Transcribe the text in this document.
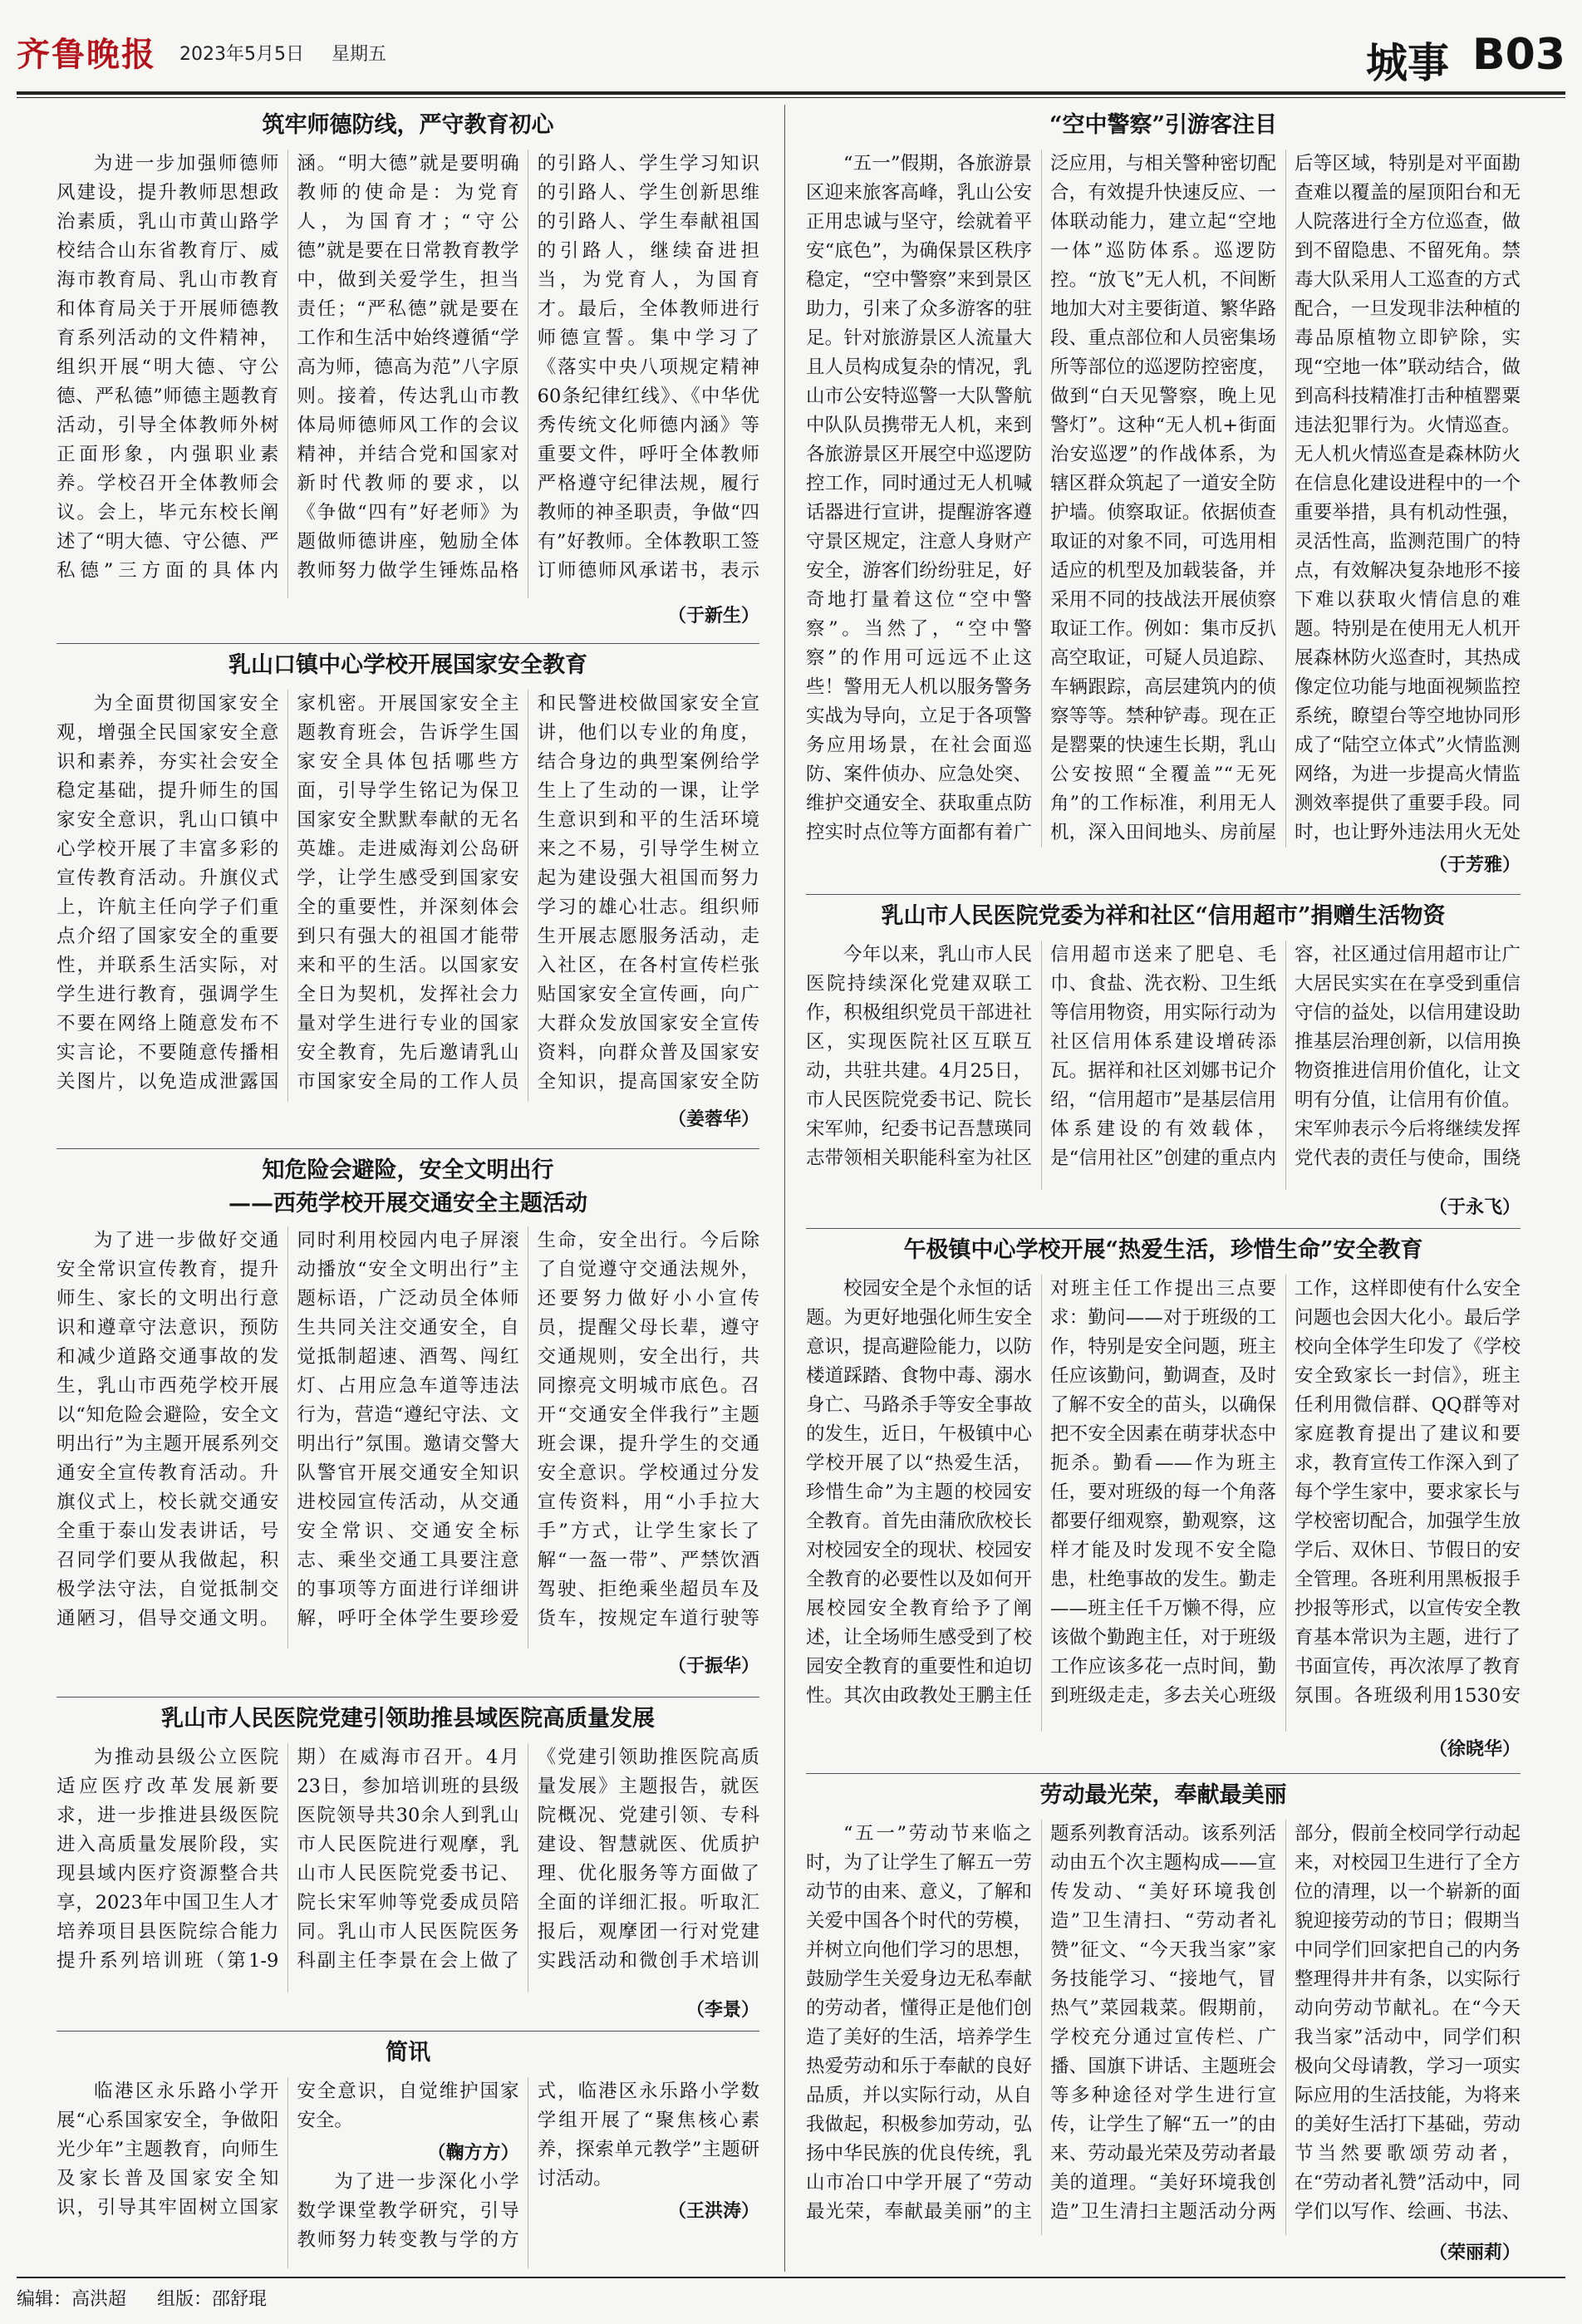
齐鲁晚报 2023年5月5日 星期五	城事 B03
筑牢师德防线，严守教育初心

为进一步加强师德师风建设，提升教师思想政治素质，乳山市黄山路学校结合山东省教育厅、威海市教育局、乳山市教育和体育局关于开展师德教育系列活动的文件精神，组织开展“明大德、守公德、严私德”师德主题教育活动，引导全体教师外树正面形象，内强职业素养。学校召开全体教师会议。会上，毕元东校长阐述了“明大德、守公德、严私德”三方面的具体内涵。“明大德”就是要明确教师的使命是：为党育人，为国育才；“守公德”就是要在日常教育教学中，做到关爱学生，担当责任；“严私德”就是要在工作和生活中始终遵循“学高为师，德高为范”八字原则。接着，传达乳山市教体局师德师风工作的会议精神，并结合党和国家对新时代教师的要求，以《争做“四有”好老师》为题做师德讲座，勉励全体教师努力做学生锤炼品格的引路人、学生学习知识的引路人、学生创新思维的引路人、学生奉献祖国的引路人，继续奋进担当，为党育人，为国育才。最后，全体教师进行师德宣誓。集中学习了《落实中央八项规定精神60条纪律红线》、《中华优秀传统文化师德内涵》等重要文件，呼吁全体教师严格遵守纪律法规，履行教师的神圣职责，争做“四有”好教师。全体教职工签订师德师风承诺书，表示

（于新生）
乳山口镇中心学校开展国家安全教育

为全面贯彻国家安全观，增强全民国家安全意识和素养，夯实社会安全稳定基础，提升师生的国家安全意识，乳山口镇中心学校开展了丰富多彩的宣传教育活动。升旗仪式上，许航主任向学子们重点介绍了国家安全的重要性，并联系生活实际，对学生进行教育，强调学生不要在网络上随意发布不实言论，不要随意传播相关图片，以免造成泄露国家机密。开展国家安全主题教育班会，告诉学生国家安全具体包括哪些方面，引导学生铭记为保卫国家安全默默奉献的无名英雄。走进威海刘公岛研学，让学生感受到国家安全的重要性，并深刻体会到只有强大的祖国才能带来和平的生活。以国家安全日为契机，发挥社会力量对学生进行专业的国家安全教育，先后邀请乳山市国家安全局的工作人员和民警进校做国家安全宣讲，他们以专业的角度，结合身边的典型案例给学生上了生动的一课，让学生意识到和平的生活环境来之不易，引导学生树立起为建设强大祖国而努力学习的雄心壮志。组织师生开展志愿服务活动，走入社区，在各村宣传栏张贴国家安全宣传画，向广大群众发放国家安全宣传资料，向群众普及国家安全知识，提高国家安全防

（姜蓉华）
知危险会避险，安全文明出行
——西苑学校开展交通安全主题活动

为了进一步做好交通安全常识宣传教育，提升师生、家长的文明出行意识和遵章守法意识，预防和减少道路交通事故的发生，乳山市西苑学校开展以“知危险会避险，安全文明出行”为主题开展系列交通安全宣传教育活动。升旗仪式上，校长就交通安全重于泰山发表讲话，号召同学们要从我做起，积极学法守法，自觉抵制交通陋习，倡导交通文明。同时利用校园内电子屏滚动播放“安全文明出行”主题标语，广泛动员全体师生共同关注交通安全，自觉抵制超速、酒驾、闯红灯、占用应急车道等违法行为，营造“遵纪守法、文明出行”氛围。邀请交警大队警官开展交通安全知识进校园宣传活动，从交通安全常识、交通安全标志、乘坐交通工具要注意的事项等方面进行详细讲解，呼吁全体学生要珍爱生命，安全出行。今后除了自觉遵守交通法规外，还要努力做好小小宣传员，提醒父母长辈，遵守交通规则，安全出行，共同擦亮文明城市底色。召开“交通安全伴我行”主题班会课，提升学生的交通安全意识。学校通过分发宣传资料，用“小手拉大手”方式，让学生家长了解“一盔一带”、严禁饮酒驾驶、拒绝乘坐超员车及货车，按规定车道行驶等

（于振华）
乳山市人民医院党建引领助推县域医院高质量发展

为推动县级公立医院适应医疗改革发展新要求，进一步推进县级医院进入高质量发展阶段，实现县域内医疗资源整合共享，2023年中国卫生人才培养项目县医院综合能力提升系列培训班（第1-9期）在威海市召开。4月23日，参加培训班的县级医院领导共30余人到乳山市人民医院进行观摩，乳山市人民医院党委书记、院长宋军帅等党委成员陪同。乳山市人民医院医务科副主任李景在会上做了《党建引领助推医院高质量发展》主题报告，就医院概况、党建引领、专科建设、智慧就医、优质护理、优化服务等方面做了全面的详细汇报。听取汇报后，观摩团一行对党建实践活动和微创手术培训

（李景）
简讯

临港区永乐路小学开展“心系国家安全，争做阳光少年”主题教育，向师生及家长普及国家安全知识，引导其牢固树立国家安全意识，自觉维护国家安全。

（鞠方方）

为了进一步深化小学数学课堂教学研究，引导教师努力转变教与学的方式，临港区永乐路小学数学组开展了“聚焦核心素养，探索单元教学”主题研讨活动。

（王洪涛）
“空中警察”引游客注目

“五一”假期，各旅游景区迎来旅客高峰，乳山公安正用忠诚与坚守，绘就着平安“底色”，为确保景区秩序稳定，“空中警察”来到景区助力，引来了众多游客的驻足。针对旅游景区人流量大且人员构成复杂的情况，乳山市公安特巡警一大队警航中队队员携带无人机，来到各旅游景区开展空中巡逻防控工作，同时通过无人机喊话器进行宣讲，提醒游客遵守景区规定，注意人身财产安全，游客们纷纷驻足，好奇地打量着这位“空中警察”。当然了，“空中警察”的作用可远远不止这些！警用无人机以服务警务实战为导向，立足于各项警务应用场景，在社会面巡防、案件侦办、应急处突、维护交通安全、获取重点防控实时点位等方面都有着广泛应用，与相关警种密切配合，有效提升快速反应、一体联动能力，建立起“空地一体”巡防体系。巡逻防控。“放飞”无人机，不间断地加大对主要街道、繁华路段、重点部位和人员密集场所等部位的巡逻防控密度，做到“白天见警察，晚上见警灯”。这种“无人机+街面治安巡逻”的作战体系，为辖区群众筑起了一道安全防护墙。侦察取证。依据侦查取证的对象不同，可选用相适应的机型及加载装备，并采用不同的技战法开展侦察取证工作。例如：集市反扒高空取证，可疑人员追踪、车辆跟踪，高层建筑内的侦察等等。禁种铲毒。现在正是罂粟的快速生长期，乳山公安按照“全覆盖”“无死角”的工作标准，利用无人机，深入田间地头、房前屋后等区域，特别是对平面勘查难以覆盖的屋顶阳台和无人院落进行全方位巡查，做到不留隐患、不留死角。禁毒大队采用人工巡查的方式配合，一旦发现非法种植的毒品原植物立即铲除，实现“空地一体”联动结合，做到高科技精准打击种植罂粟违法犯罪行为。火情巡查。无人机火情巡查是森林防火在信息化建设进程中的一个重要举措，具有机动性强，灵活性高，监测范围广的特点，有效解决复杂地形不接下难以获取火情信息的难题。特别是在使用无人机开展森林防火巡查时，其热成像定位功能与地面视频监控系统，瞭望台等空地协同形成了“陆空立体式”火情监测网络，为进一步提高火情监测效率提供了重要手段。同时，也让野外违法用火无处

（于芳雅）
乳山市人民医院党委为祥和社区“信用超市”捐赠生活物资

今年以来，乳山市人民医院持续深化党建双联工作，积极组织党员干部进社区，实现医院社区互联互动，共驻共建。4月25日，市人民医院党委书记、院长宋军帅，纪委书记吾慧瑛同志带领相关职能科室为社区信用超市送来了肥皂、毛巾、食盐、洗衣粉、卫生纸等信用物资，用实际行动为社区信用体系建设增砖添瓦。据祥和社区刘娜书记介绍，“信用超市”是基层信用体系建设的有效载体，是“信用社区”创建的重点内容，社区通过信用超市让广大居民实实在在享受到重信守信的益处，以信用建设助推基层治理创新，以信用换物资推进信用价值化，让文明有分值，让信用有价值。宋军帅表示今后将继续发挥党代表的责任与使命，围绕

（于永飞）
午极镇中心学校开展“热爱生活，珍惜生命”安全教育

校园安全是个永恒的话题。为更好地强化师生安全意识，提高避险能力，以防楼道踩踏、食物中毒、溺水身亡、马路杀手等安全事故的发生，近日，午极镇中心学校开展了以“热爱生活，珍惜生命”为主题的校园安全教育。首先由蒲欣欣校长对校园安全的现状、校园安全教育的必要性以及如何开展校园安全教育给予了阐述，让全场师生感受到了校园安全教育的重要性和迫切性。其次由政教处王鹏主任对班主任工作提出三点要求：勤问——对于班级的工作，特别是安全问题，班主任应该勤问，勤调查，及时了解不安全的苗头，以确保把不安全因素在萌芽状态中扼杀。勤看——作为班主任，要对班级的每一个角落都要仔细观察，勤观察，这样才能及时发现不安全隐患，杜绝事故的发生。勤走——班主任千万懒不得，应该做个勤跑主任，对于班级工作应该多花一点时间，勤到班级走走，多去关心班级工作，这样即使有什么安全问题也会因大化小。最后学校向全体学生印发了《学校安全致家长一封信》，班主任利用微信群、QQ群等对家庭教育提出了建议和要求，教育宣传工作深入到了每个学生家中，要求家长与学校密切配合，加强学生放学后、双休日、节假日的安全管理。各班利用黑板报手抄报等形式，以宣传安全教育基本常识为主题，进行了书面宣传，再次浓厚了教育氛围。各班级利用1530安

（徐晓华）
劳动最光荣，奉献最美丽

“五一”劳动节来临之时，为了让学生了解五一劳动节的由来、意义，了解和关爱中国各个时代的劳模，并树立向他们学习的思想，鼓励学生关爱身边无私奉献的劳动者，懂得正是他们创造了美好的生活，培养学生热爱劳动和乐于奉献的良好品质，并以实际行动，从自我做起，积极参加劳动，弘扬中华民族的优良传统，乳山市冶口中学开展了“劳动最光荣，奉献最美丽”的主题系列教育活动。该系列活动由五个次主题构成——宣传发动、“美好环境我创造”卫生清扫、“劳动者礼赞”征文、“今天我当家”家务技能学习、“接地气，冒热气”菜园栽菜。假期前，学校充分通过宣传栏、广播、国旗下讲话、主题班会等多种途径对学生进行宣传，让学生了解“五一”的由来、劳动最光荣及劳动者最美的道理。“美好环境我创造”卫生清扫主题活动分两部分，假前全校同学行动起来，对校园卫生进行了全方位的清理，以一个崭新的面貌迎接劳动的节日；假期当中同学们回家把自己的内务整理得井井有条，以实际行动向劳动节献礼。在“今天我当家”活动中，同学们积极向父母请教，学习一项实际应用的生活技能，为将来的美好生活打下基础，劳动节当然要歌颂劳动者，在“劳动者礼赞”活动中，同学们以写作、绘画、书法、

（荣丽莉）
编辑：高洪超 组版：邵舒琨
